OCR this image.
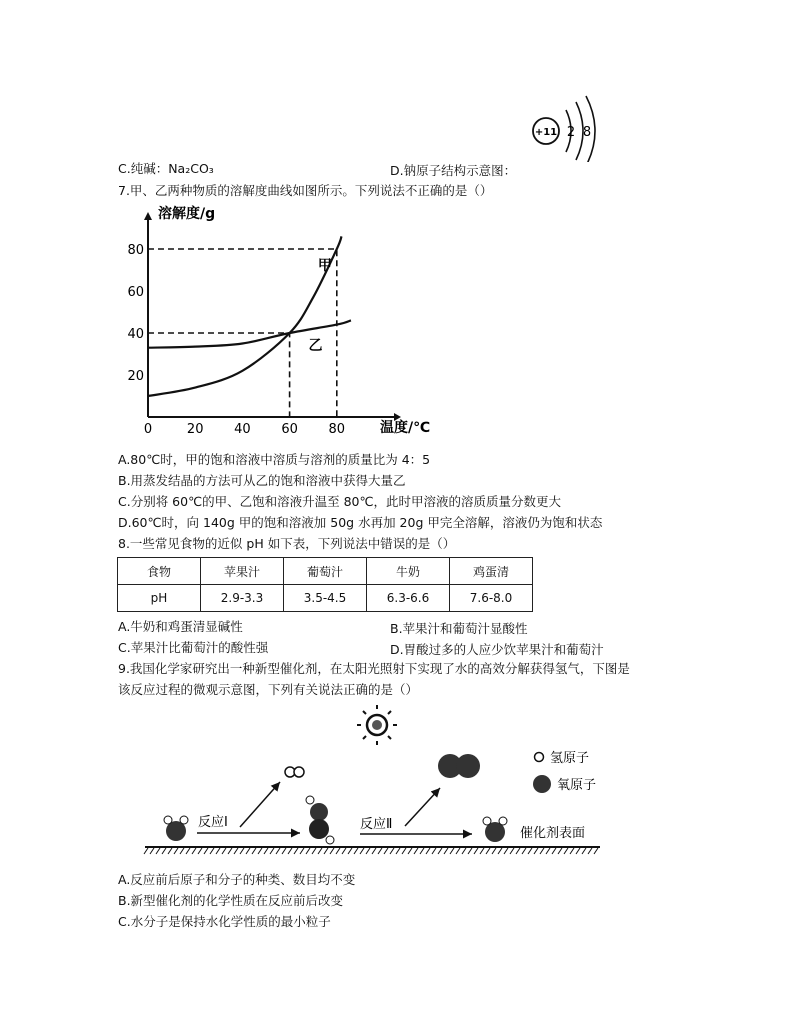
C.纯碱：Na₂CO₃	D.钠原子结构示意图：
+11 2 8
7.甲、乙两种物质的溶解度曲线如图所示。下列说法不正确的是（）
溶解度/g
温度/℃
0	20 40 60 80
20
40
60
80
甲
乙
A.80℃时，甲的饱和溶液中溶质与溶剂的质量比为 4：5
B.用蒸发结晶的方法可从乙的饱和溶液中获得大量乙
C.分别将 60℃的甲、乙饱和溶液升温至 80℃，此时甲溶液的溶质质量分数更大
D.60℃时，向 140g 甲的饱和溶液加 50g 水再加 20g 甲完全溶解，溶液仍为饱和状态
8.一些常见食物的近似 pH 如下表，下列说法中错误的是（）
食物	苹果汁	葡萄汁	牛奶	鸡蛋清
pH	2.9-3.3	3.5-4.5	6.3-6.6	7.6-8.0
A.牛奶和鸡蛋清显碱性	B.苹果汁和葡萄汁显酸性
C.苹果汁比葡萄汁的酸性强	D.胃酸过多的人应少饮苹果汁和葡萄汁
9.我国化学家研究出一种新型催化剂，在太阳光照射下实现了水的高效分解获得氢气，下图是
该反应过程的微观示意图，下列有关说法正确的是（）
反应Ⅰ	反应Ⅱ
氢原子
氧原子
催化剂表面
A.反应前后原子和分子的种类、数目均不变
B.新型催化剂的化学性质在反应前后改变
C.水分子是保持水化学性质的最小粒子
